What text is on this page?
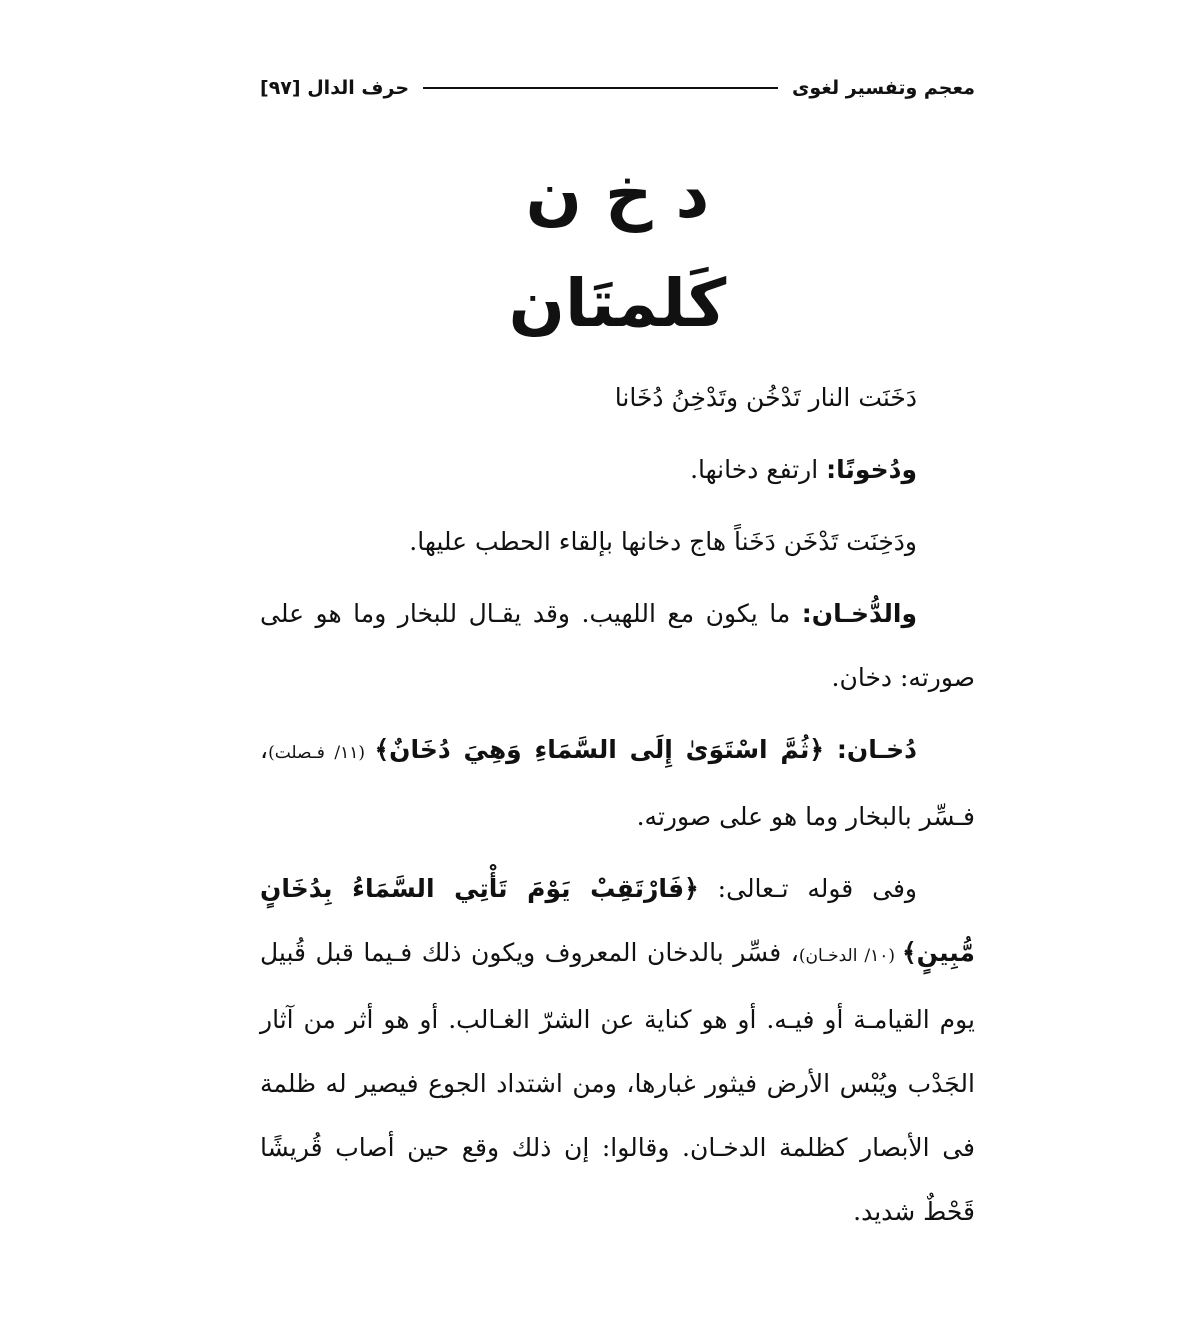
معجم وتفسير لغوى
حرف الدال [٩٧]
د خ ن
كَلمتَان

دَخَنَت النار تَدْخُن وتَدْخِنُ دُخَانا

ودُخونًا: ارتفع دخانها.

ودَخِنَت تَدْخَن دَخَناً هاج دخانها بإلقاء الحطب عليها.

والدُّخـان: ما يكون مع اللهيب. وقد يقـال للبخار وما هو على صورته: دخان.

دُخـان: ﴿ثُمَّ اسْتَوَىٰ إِلَى السَّمَاءِ وَهِيَ دُخَانٌ﴾ (١١/ فـصلت)، فـسِّر بالبخار وما هو على صورته.

وفى قوله تـعالى: ﴿فَارْتَقِبْ يَوْمَ تَأْتِي السَّمَاءُ بِدُخَانٍ مُّبِينٍ﴾ (١٠/ الدخـان)، فسِّر بالدخان المعروف ويكون ذلك فـيما قبل قُبيل يوم القيامـة أو فيـه. أو هو كناية عن الشرّ الغـالب. أو هو أثر من آثار الجَدْب ويُبْس الأرض فيثور غبارها، ومن اشتداد الجوع فيصير له ظلمة فى الأبصار كظلمة الدخـان. وقالوا: إن ذلك وقع حين أصاب قُريشًا قَحْطٌ شديد.
